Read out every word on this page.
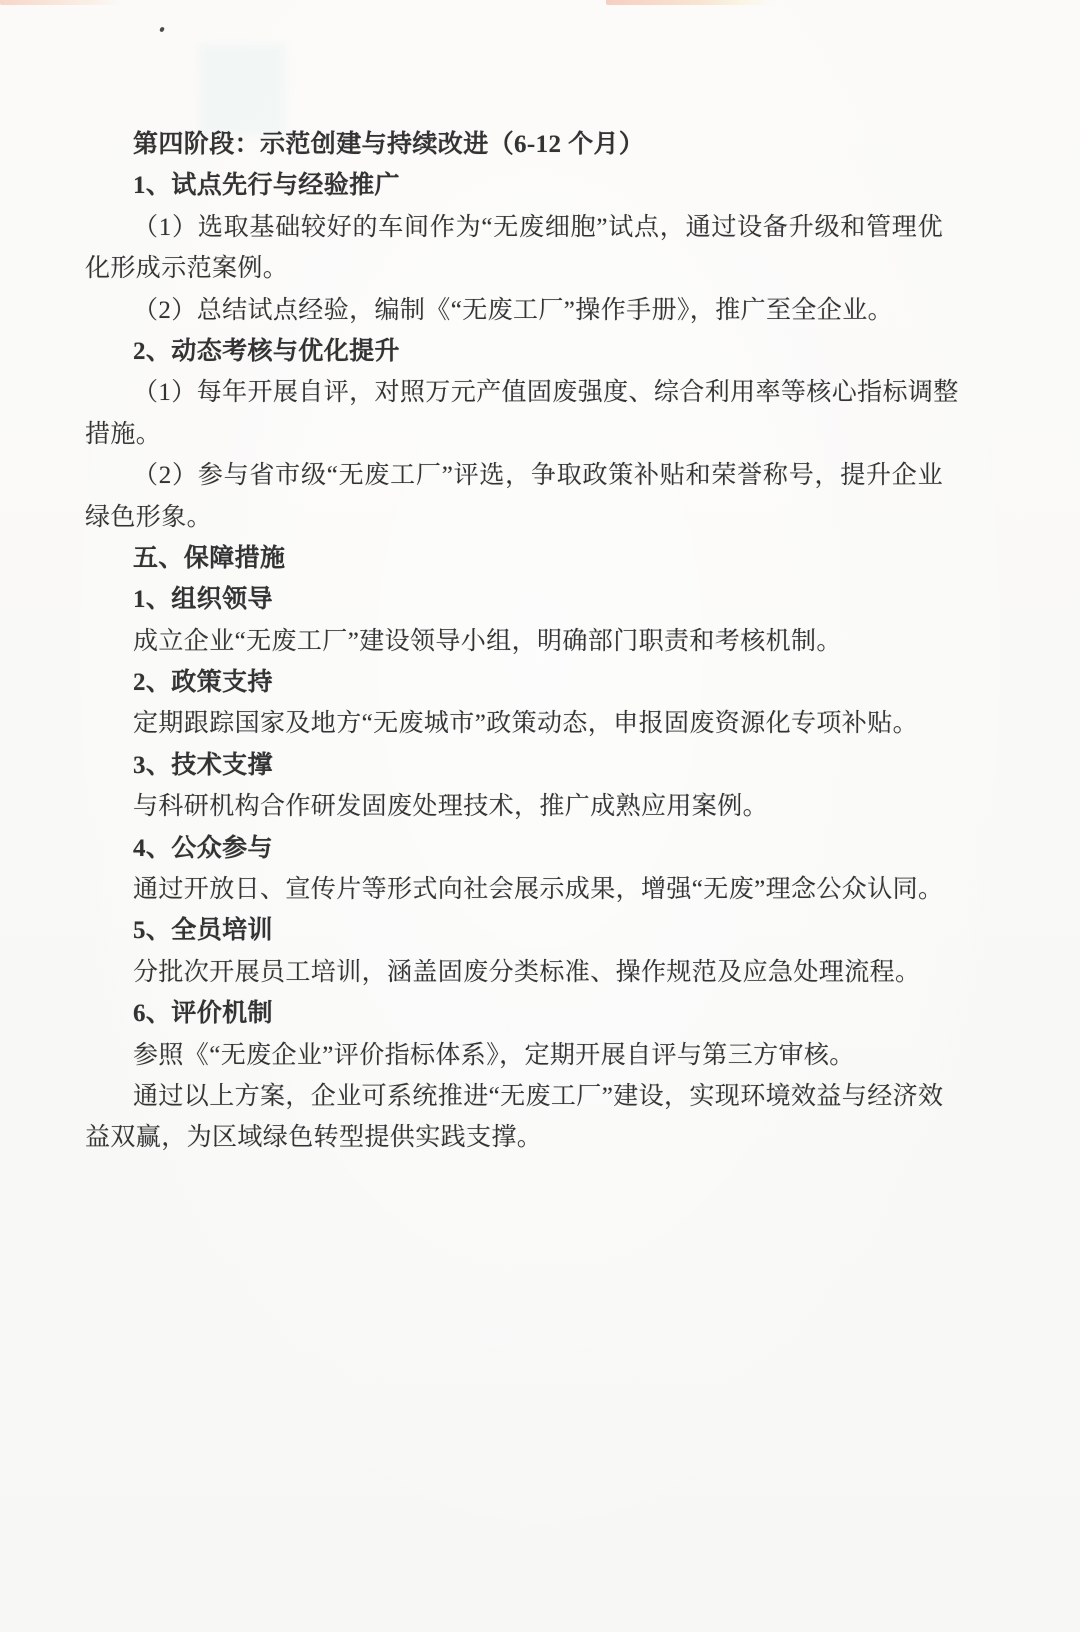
第四阶段：示范创建与持续改进（6-12 个月）
1、试点先行与经验推广
（1）选取基础较好的车间作为“无废细胞”试点，通过设备升级和管理优
化形成示范案例。
（2）总结试点经验，编制《“无废工厂”操作手册》，推广至全企业。
2、动态考核与优化提升
（1）每年开展自评，对照万元产值固废强度、综合利用率等核心指标调整
措施。
（2）参与省市级“无废工厂”评选，争取政策补贴和荣誉称号，提升企业
绿色形象。
五、保障措施
1、组织领导
成立企业“无废工厂”建设领导小组，明确部门职责和考核机制。
2、政策支持
定期跟踪国家及地方“无废城市”政策动态，申报固废资源化专项补贴。
3、技术支撑
与科研机构合作研发固废处理技术，推广成熟应用案例。
4、公众参与
通过开放日、宣传片等形式向社会展示成果，增强“无废”理念公众认同。
5、全员培训
分批次开展员工培训，涵盖固废分类标准、操作规范及应急处理流程。
6、评价机制
参照《“无废企业”评价指标体系》，定期开展自评与第三方审核。
通过以上方案，企业可系统推进“无废工厂”建设，实现环境效益与经济效
益双赢，为区域绿色转型提供实践支撑。
